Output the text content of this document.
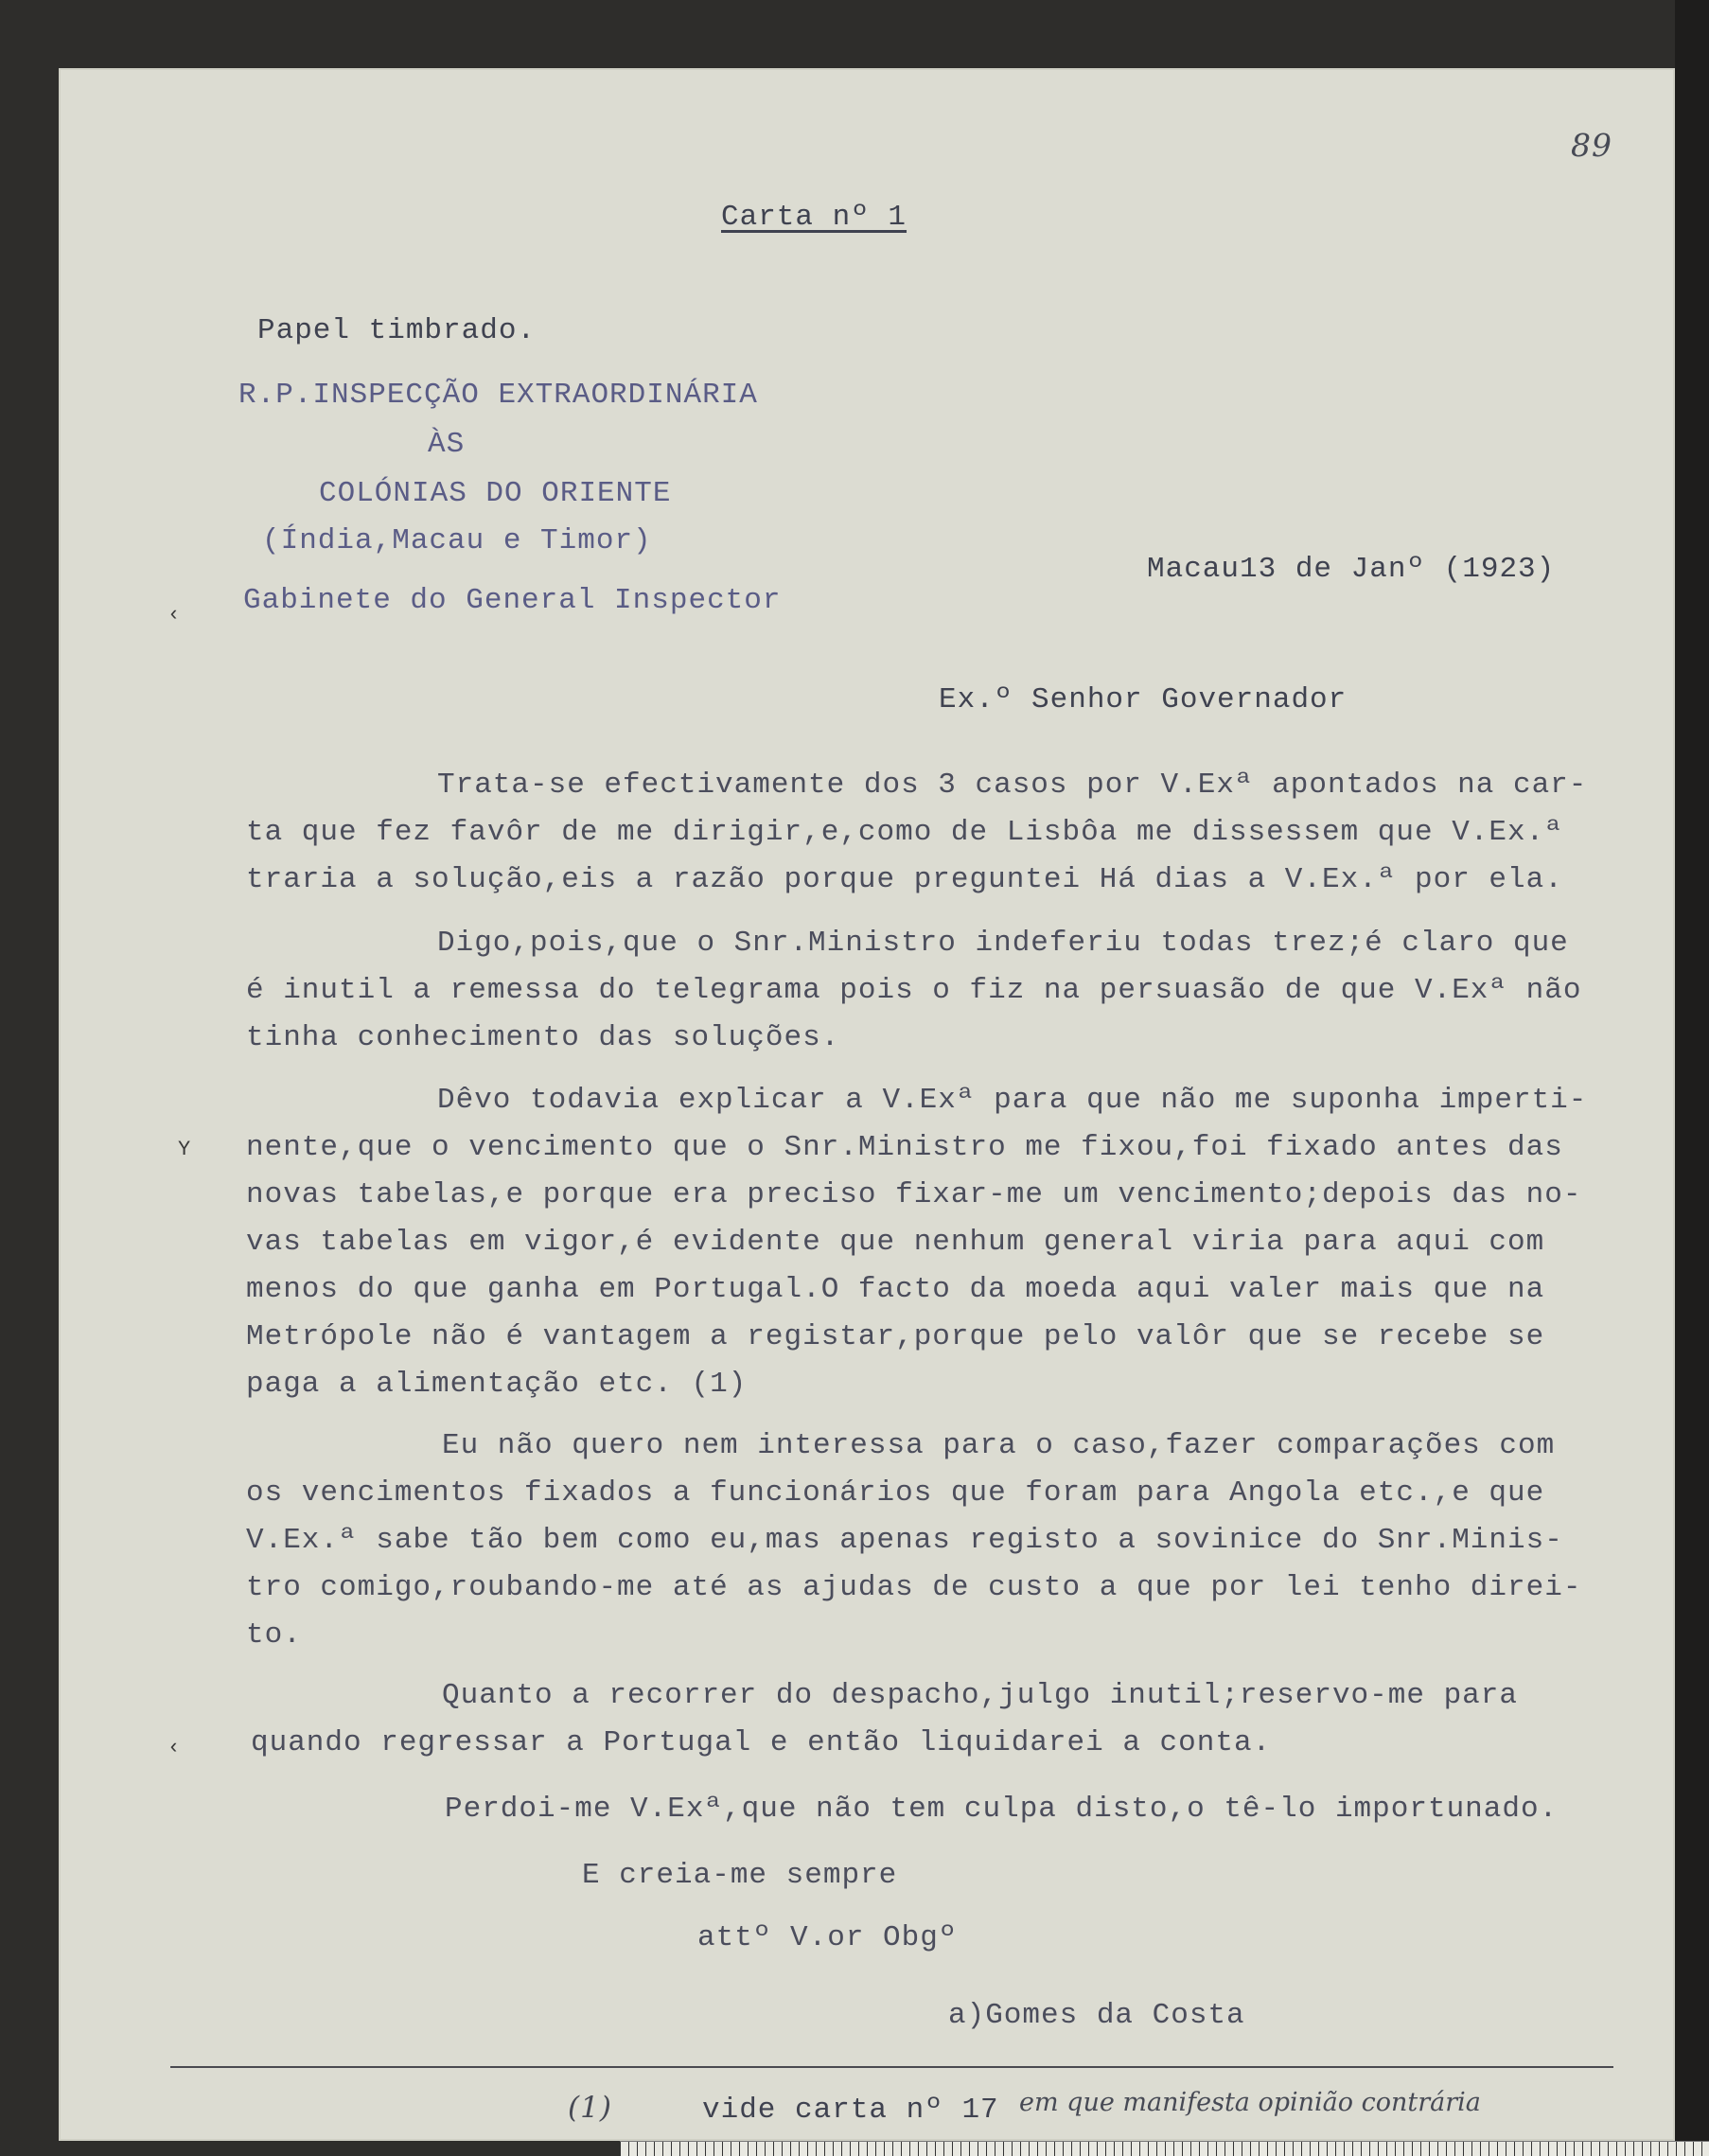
89
Carta nº 1
Papel timbrado.
R.P.INSPECÇÃO EXTRAORDINÁRIA
ÀS
COLÓNIAS DO ORIENTE
(Índia,Macau e Timor)
Gabinete do General Inspector
Macau13 de Janº (1923)
Ex.º Senhor Governador
Trata-se efectivamente dos 3 casos por V.Exª apontados na car-
ta que fez favôr de me dirigir,e,como de Lisbôa me dissessem que V.Ex.ª
traria a solução,eis a razão porque preguntei Há dias a V.Ex.ª por ela.
Digo,pois,que o Snr.Ministro indeferiu todas trez;é claro que
é inutil a remessa do telegrama pois o fiz na persuasão de que V.Exª não
tinha conhecimento das soluções.
Dêvo todavia explicar a V.Exª para que não me suponha imperti-
nente,que o vencimento que o Snr.Ministro me fixou,foi fixado antes das
novas tabelas,e porque era preciso fixar-me um vencimento;depois das no-
vas tabelas em vigor,é evidente que nenhum general viria para aqui com
menos do que ganha em Portugal.O facto da moeda aqui valer mais que na
Metrópole não é vantagem a registar,porque pelo valôr que se recebe se
paga a alimentação etc. (1)
Eu não quero nem interessa para o caso,fazer comparações com
os vencimentos fixados a funcionários que foram para Angola etc.,e que
V.Ex.ª sabe tão bem como eu,mas apenas registo a sovinice do Snr.Minis-
tro comigo,roubando-me até as ajudas de custo a que por lei tenho direi-
to.
Quanto a recorrer do despacho,julgo inutil;reservo-me para
quando regressar a Portugal e então liquidarei a conta.
Perdoi-me V.Exª,que não tem culpa disto,o tê-lo importunado.
E creia-me sempre
attº V.or Obgº
a)Gomes da Costa
‹
Y
‹
(1)	vide carta nº 17 em que manifesta opinião contrária
